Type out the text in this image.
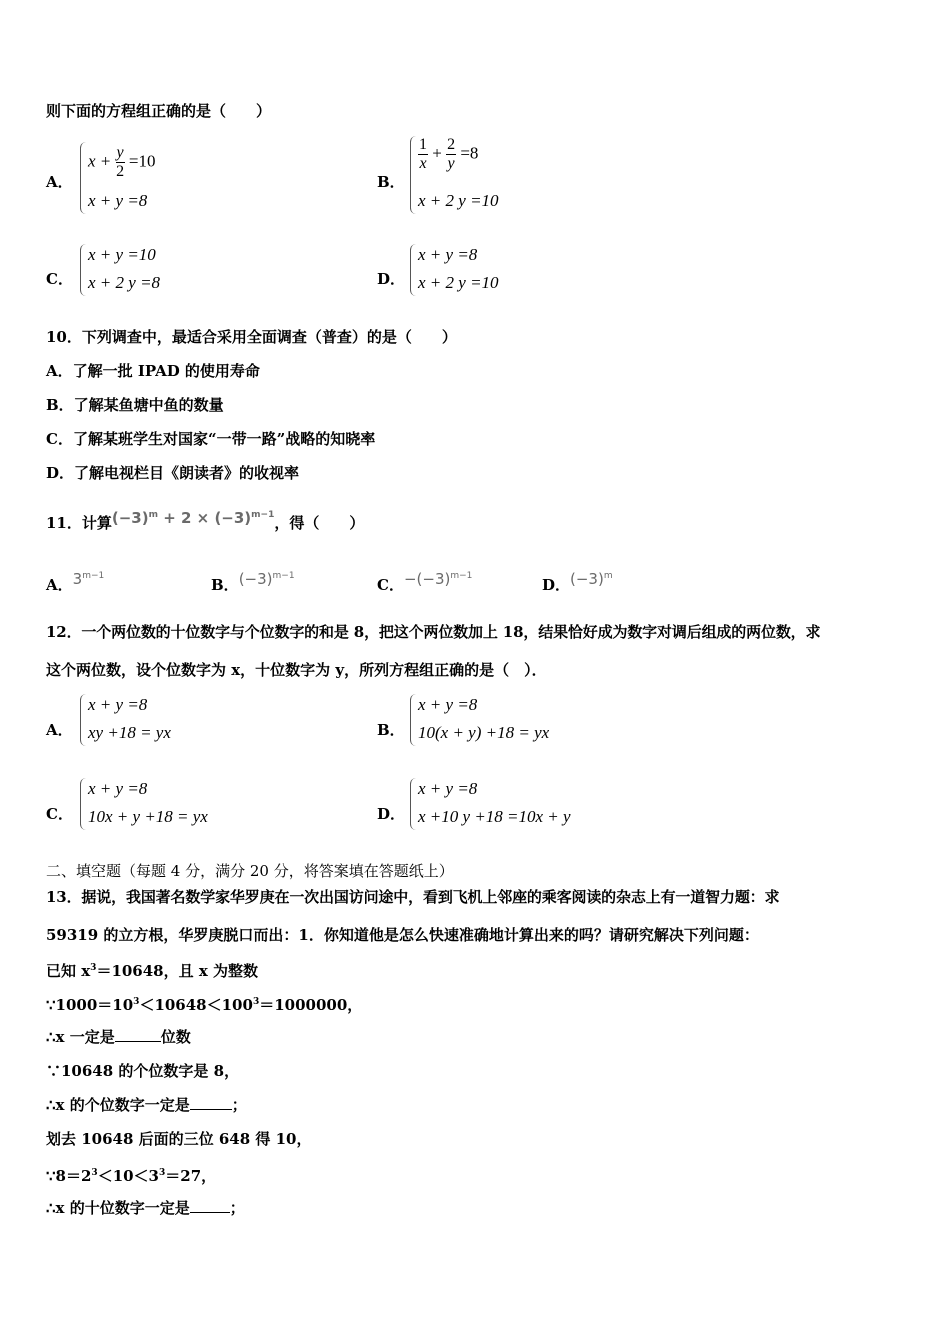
则下面的方程组正确的是（　　）
A．
$x + \frac{y}{2} =10$
x + y =8
B．
$\frac{1}{x} + \frac{2}{y} =8$
x + 2 y =10
C．
x + y =10
x + 2 y =8	D．
x + y =8
x + 2 y =10
10．下列调查中，最适合采用全面调查（普查）的是（　　）
A．了解一批 IPAD 的使用寿命
B．了解某鱼塘中鱼的数量
C．了解某班学生对国家“一带一路”战略的知晓率
D．了解电视栏目《朗读者》的收视率
11．计算$(-3)^m + 2 \times (-3)^{m-1}$，得（　　）
A．$3^{m-1}$	B．$(-3)^{m-1}$	C．$-(-3)^{m-1}$	D．$(-3)^m$
12．一个两位数的十位数字与个位数字的和是 8，把这个两位数加上 18，结果恰好成为数字对调后组成的两位数，求
这个两位数，设个位数字为 x，十位数字为 y，所列方程组正确的是（　）．
A．
x + y =8
xy +18 = yx	B．
x + y =8
10(x + y) +18 = yx
C．
x + y =8
10x + y +18 = yx	D．
x + y =8
x +10 y +18 =10x + y
二、填空题（每题 4 分，满分 20 分，将答案填在答题纸上）
13．据说，我国著名数学家华罗庚在一次出国访问途中，看到飞机上邻座的乘客阅读的杂志上有一道智力题：求
59319 的立方根，华罗庚脱口而出：1．你知道他是怎么快速准确地计算出来的吗？请研究解决下列问题：
已知 $x^3=10648$，且 x 为整数
$\because 1000=10^3<10648<100^3=1000000$，
∴x 一定是	位数
∵10648 的个位数字是 8，
∴x 的个位数字一定是	；
划去 10648 后面的三位 648 得 10，
$\because 8=2^3<10<3^3=27$，
∴x 的十位数字一定是	；
